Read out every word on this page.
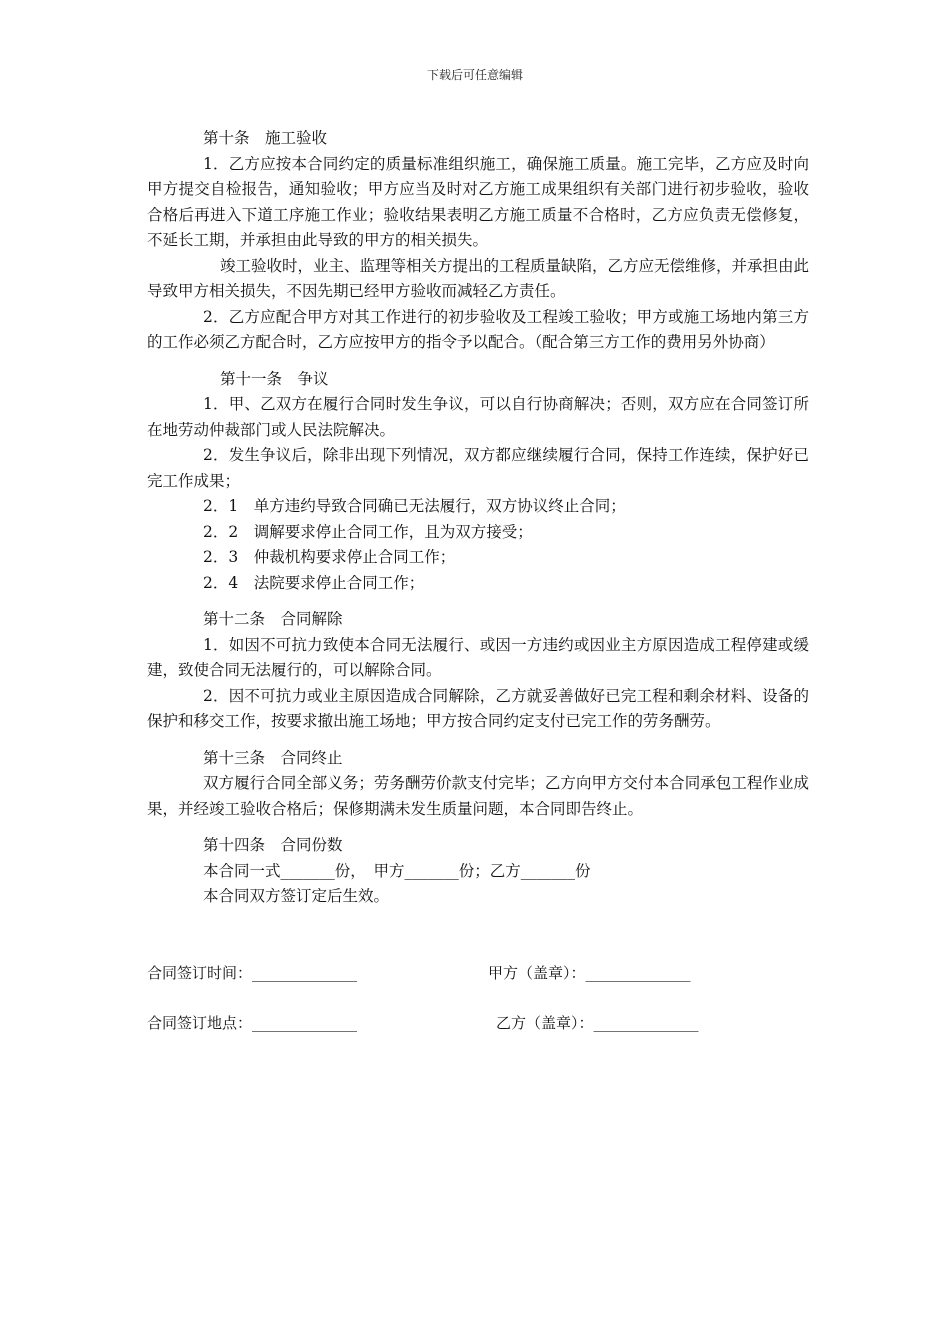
下载后可任意编辑

第十条　施工验收

1．乙方应按本合同约定的质量标准组织施工，确保施工质量。施工完毕，乙方应及时向甲方提交自检报告，通知验收；甲方应当及时对乙方施工成果组织有关部门进行初步验收，验收合格后再进入下道工序施工作业；验收结果表明乙方施工质量不合格时，乙方应负责无偿修复，不延长工期，并承担由此导致的甲方的相关损失。

竣工验收时，业主、监理等相关方提出的工程质量缺陷，乙方应无偿维修，并承担由此导致甲方相关损失，不因先期已经甲方验收而减轻乙方责任。

2．乙方应配合甲方对其工作进行的初步验收及工程竣工验收；甲方或施工场地内第三方的工作必须乙方配合时，乙方应按甲方的指令予以配合。（配合第三方工作的费用另外协商）

第十一条　争议

1．甲、乙双方在履行合同时发生争议，可以自行协商解决；否则，双方应在合同签订所在地劳动仲裁部门或人民法院解决。

2．发生争议后，除非出现下列情况，双方都应继续履行合同，保持工作连续，保护好已完工作成果；

2．1　单方违约导致合同确已无法履行，双方协议终止合同；

2．2　调解要求停止合同工作，且为双方接受；

2．3　仲裁机构要求停止合同工作；

2．4　法院要求停止合同工作；

第十二条　合同解除

1．如因不可抗力致使本合同无法履行、或因一方违约或因业主方原因造成工程停建或缓建，致使合同无法履行的，可以解除合同。

2．因不可抗力或业主原因造成合同解除，乙方就妥善做好已完工程和剩余材料、设备的保护和移交工作，按要求撤出施工场地；甲方按合同约定支付已完工作的劳务酬劳。

第十三条　合同终止

双方履行合同全部义务；劳务酬劳价款支付完毕；乙方向甲方交付本合同承包工程作业成果，并经竣工验收合格后；保修期满未发生质量问题，本合同即告终止。

第十四条　合同份数

本合同一式_______份，　甲方_______份；乙方_______份

本合同双方签订定后生效。

合同签订时间：______________	甲方（盖章）：______________
合同签订地点：______________	乙方（盖章）：______________
